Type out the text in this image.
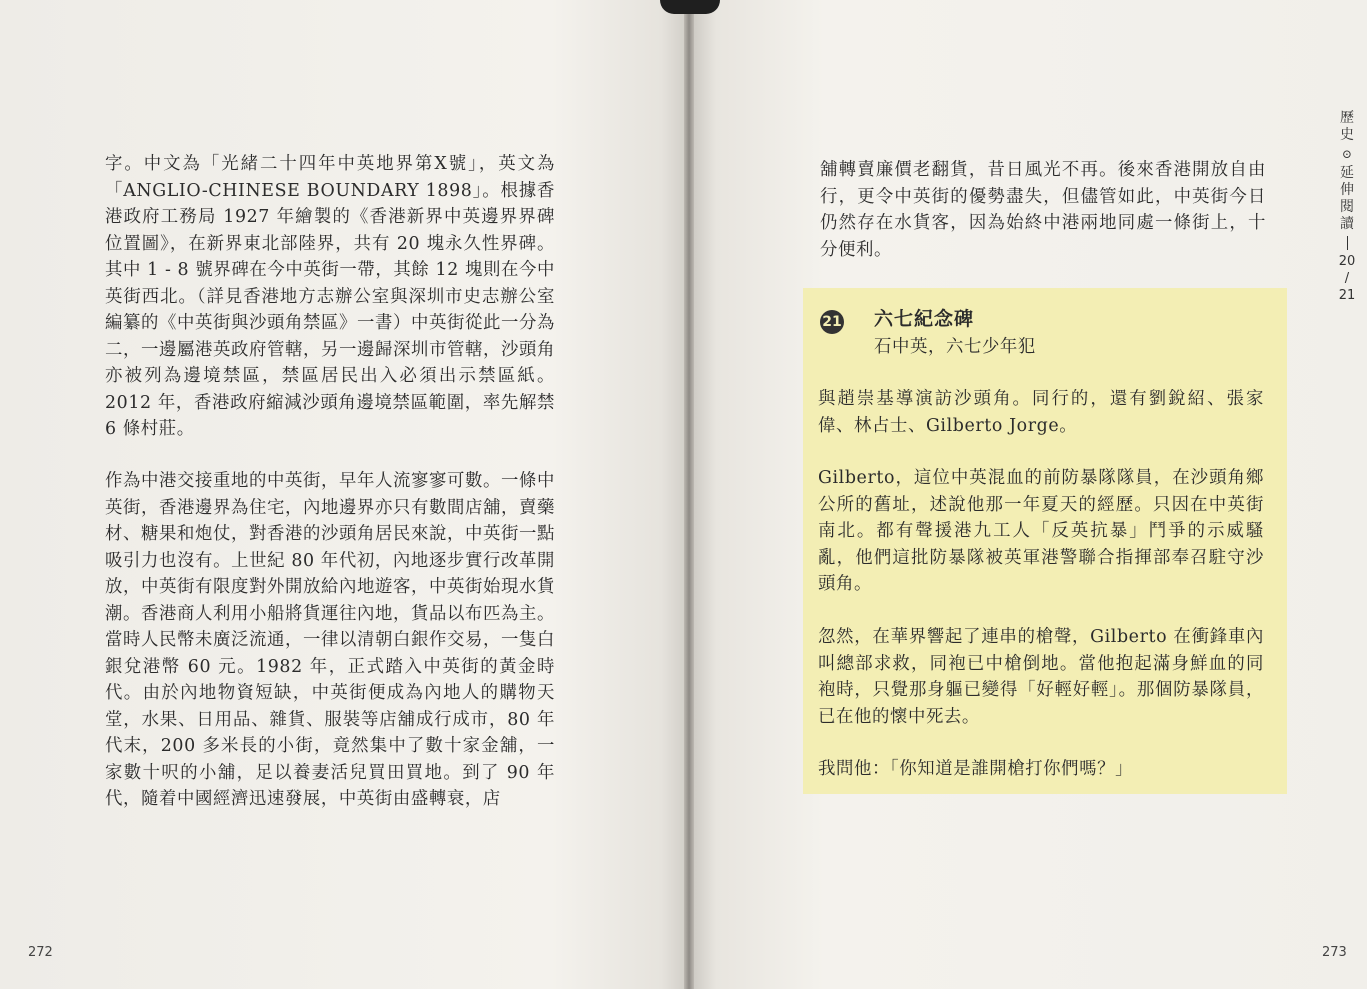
字。中文為「光緒二十四年中英地界第X號」，英文為「ANGLIO-CHINESE BOUNDARY 1898」。根據香港政府工務局 1927 年繪製的《香港新界中英邊界界碑位置圖》，在新界東北部陸界，共有 20 塊永久性界碑。其中 1 - 8 號界碑在今中英街一帶，其餘 12 塊則在今中英街西北。（詳見香港地方志辦公室與深圳市史志辦公室編纂的《中英街與沙頭角禁區》一書）中英街從此一分為二，一邊屬港英政府管轄，另一邊歸深圳市管轄，沙頭角亦被列為邊境禁區，禁區居民出入必須出示禁區紙。2012 年，香港政府縮減沙頭角邊境禁區範圍，率先解禁 6 條村莊。

作為中港交接重地的中英街，早年人流寥寥可數。一條中英街，香港邊界為住宅，內地邊界亦只有數間店舖，賣藥材、糖果和炮仗，對香港的沙頭角居民來說，中英街一點吸引力也沒有。上世紀 80 年代初，內地逐步實行改革開放，中英街有限度對外開放給內地遊客，中英街始現水貨潮。香港商人利用小船將貨運往內地，貨品以布匹為主。當時人民幣未廣泛流通，一律以清朝白銀作交易，一隻白銀兌港幣 60 元。1982 年，正式踏入中英街的黃金時代。由於內地物資短缺，中英街便成為內地人的購物天堂，水果、日用品、雜貨、服裝等店舖成行成市，80 年代末，200 多米長的小街，竟然集中了數十家金舖，一家數十呎的小舖，足以養妻活兒買田買地。到了 90 年代，隨着中國經濟迅速發展，中英街由盛轉衰，店

272

舖轉賣廉價老翻貨，昔日風光不再。後來香港開放自由行，更令中英街的優勢盡失，但儘管如此，中英街今日仍然存在水貨客，因為始終中港兩地同處一條街上，十分便利。

21 六七紀念碑

石中英，六七少年犯

與趙崇基導演訪沙頭角。同行的，還有劉銳紹、張家偉、林占士、Gilberto Jorge。

Gilberto，這位中英混血的前防暴隊隊員，在沙頭角鄉公所的舊址，述說他那一年夏天的經歷。只因在中英街南北。都有聲援港九工人「反英抗暴」鬥爭的示威騷亂，他們這批防暴隊被英軍港警聯合指揮部奉召駐守沙頭角。

忽然，在華界響起了連串的槍聲，Gilberto 在衝鋒車內叫總部求救，同袍已中槍倒地。當他抱起滿身鮮血的同袍時，只覺那身軀已變得「好輕好輕」。那個防暴隊員，已在他的懷中死去。

我問他：「你知道是誰開槍打你們嗎？」

歷
史
⊙
延
伸
閱
讀
20
/
21

273
